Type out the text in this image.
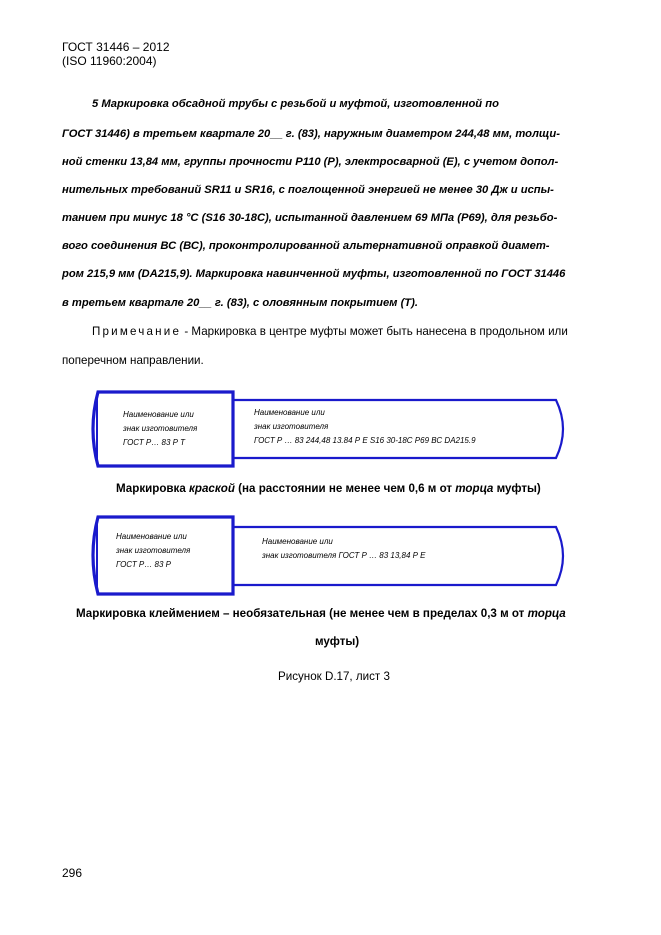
ГОСТ 31446 – 2012
(ISO 11960:2004)
5 Маркировка обсадной трубы с резьбой и муфтой, изготовленной по
ГОСТ 31446) в третьем квартале 20__ г. (83), наружным диаметром 244,48 мм, толщи-
ной стенки 13,84 мм, группы прочности Р110 (Р), электросварной (Е), с учетом допол-
нительных требований SR11 и SR16, с поглощенной энергией не менее 30 Дж и испы-
танием при минус 18 °С (S16 30-18C), испытанной давлением 69 МПа (Р69), для резьбо-
вого соединения ВС (ВС), проконтролированной альтернативной оправкой диамет-
ром 215,9 мм (DA215,9). Маркировка навинченной муфты, изготовленной по ГОСТ 31446
в третьем квартале 20__ г. (83), с оловянным покрытием (Т).
Примечание - Маркировка в центре муфты может быть нанесена в продольном или
поперечном направлении.
Наименование или
знак изготовителя
ГОСТ Р… 83 Р Т
Наименование или
знак изготовителя
ГОСТ Р … 83 244,48 13.84 Р Е S16 30-18С Р69 ВС DA215.9
Наименование или
знак изготовителя
ГОСТ Р… 83 Р
Наименование или
знак изготовителя ГОСТ Р … 83 13,84 Р Е
Маркировка краской (на расстоянии не менее чем 0,6 м от торца муфты)
Маркировка клеймением – необязательная (не менее чем в пределах 0,3 м от торца
муфты)
Рисунок D.17, лист 3
296
